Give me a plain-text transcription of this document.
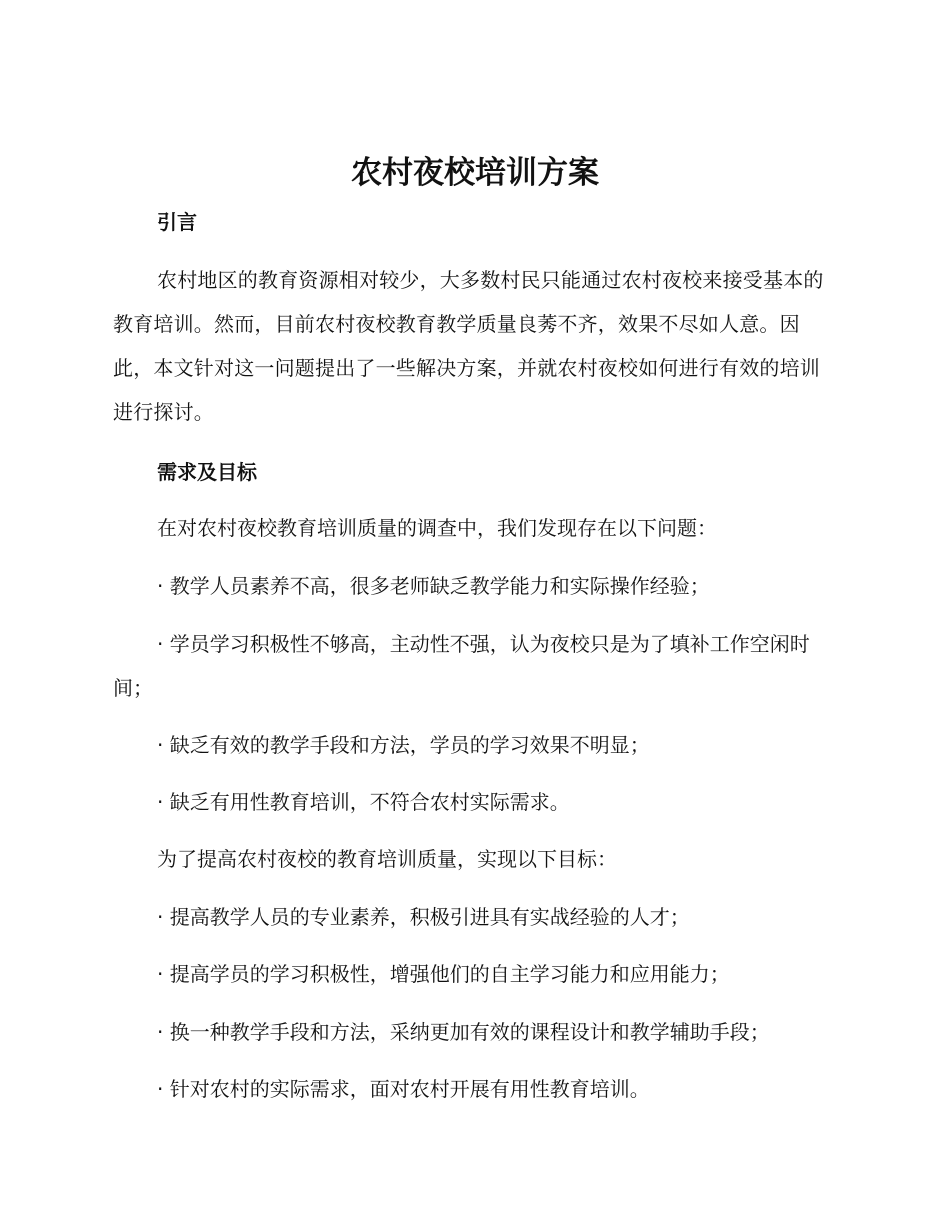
农村夜校培训方案
引言

农村地区的教育资源相对较少，大多数村民只能通过农村夜校来接受基本的教育培训。然而，目前农村夜校教育教学质量良莠不齐，效果不尽如人意。因此，本文针对这一问题提出了一些解决方案，并就农村夜校如何进行有效的培训进行探讨。

需求及目标

在对农村夜校教育培训质量的调查中，我们发现存在以下问题：

· 教学人员素养不高，很多老师缺乏教学能力和实际操作经验；

· 学员学习积极性不够高，主动性不强，认为夜校只是为了填补工作空闲时间；

· 缺乏有效的教学手段和方法，学员的学习效果不明显；

· 缺乏有用性教育培训，不符合农村实际需求。

为了提高农村夜校的教育培训质量，实现以下目标：

· 提高教学人员的专业素养，积极引进具有实战经验的人才；

· 提高学员的学习积极性，增强他们的自主学习能力和应用能力；

· 换一种教学手段和方法，采纳更加有效的课程设计和教学辅助手段；

· 针对农村的实际需求，面对农村开展有用性教育培训。
